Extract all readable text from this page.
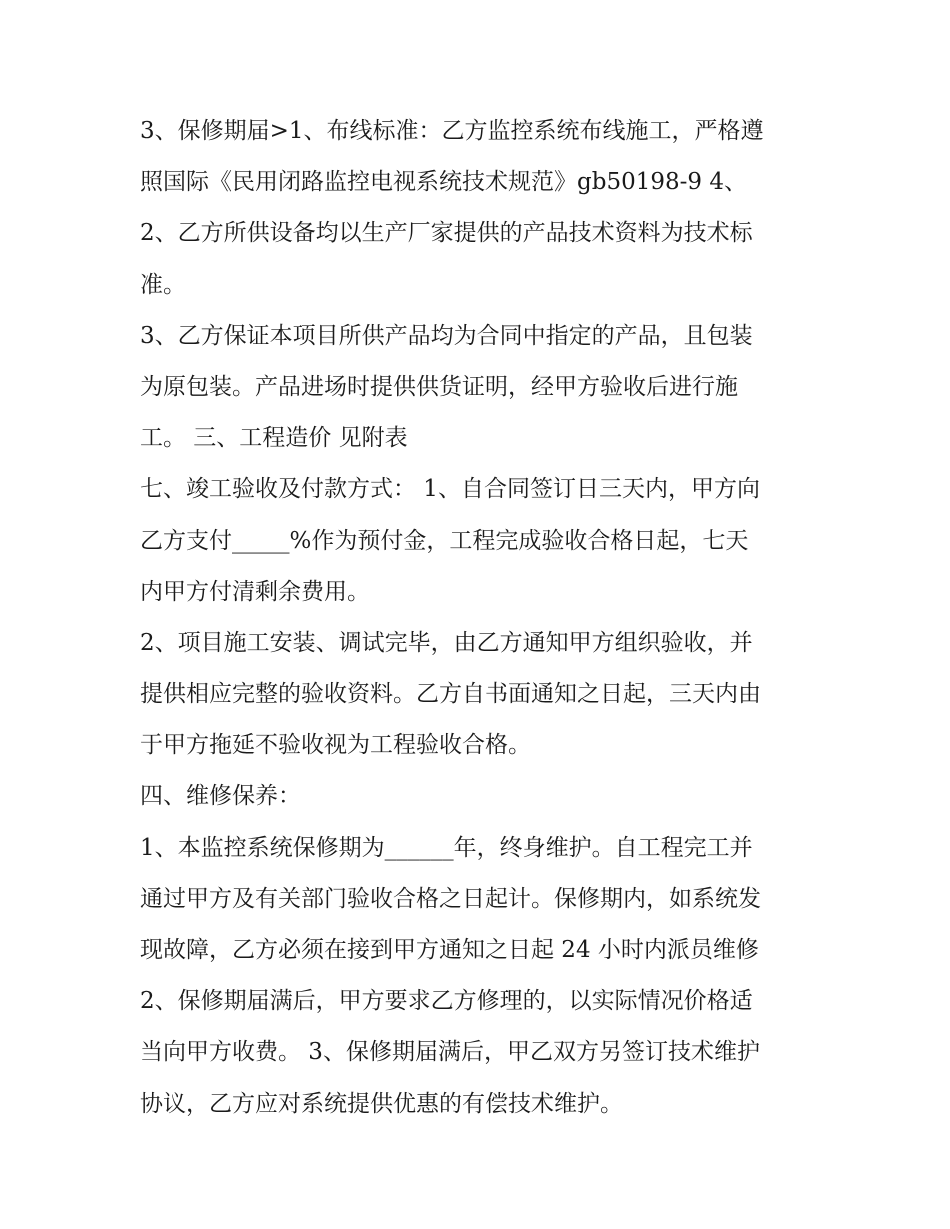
3、保修期届>1、布线标准：乙方监控系统布线施工，严格遵
照国际《民用闭路监控电视系统技术规范》gb50198-9 4、
2、乙方所供设备均以生产厂家提供的产品技术资料为技术标
准。
3、乙方保证本项目所供产品均为合同中指定的产品，且包装
为原包装。产品进场时提供供货证明，经甲方验收后进行施
工。 三、工程造价 见附表
七、竣工验收及付款方式： 1、自合同签订日三天内，甲方向
乙方支付_____%作为预付金，工程完成验收合格日起，七天
内甲方付清剩余费用。
2、项目施工安装、调试完毕，由乙方通知甲方组织验收，并
提供相应完整的验收资料。乙方自书面通知之日起，三天内由
于甲方拖延不验收视为工程验收合格。
四、维修保养：
1、本监控系统保修期为______年，终身维护。自工程完工并
通过甲方及有关部门验收合格之日起计。保修期内，如系统发
现故障，乙方必须在接到甲方通知之日起 24 小时内派员维修
2、保修期届满后，甲方要求乙方修理的，以实际情况价格适
当向甲方收费。 3、保修期届满后，甲乙双方另签订技术维护
协议，乙方应对系统提供优惠的有偿技术维护。
